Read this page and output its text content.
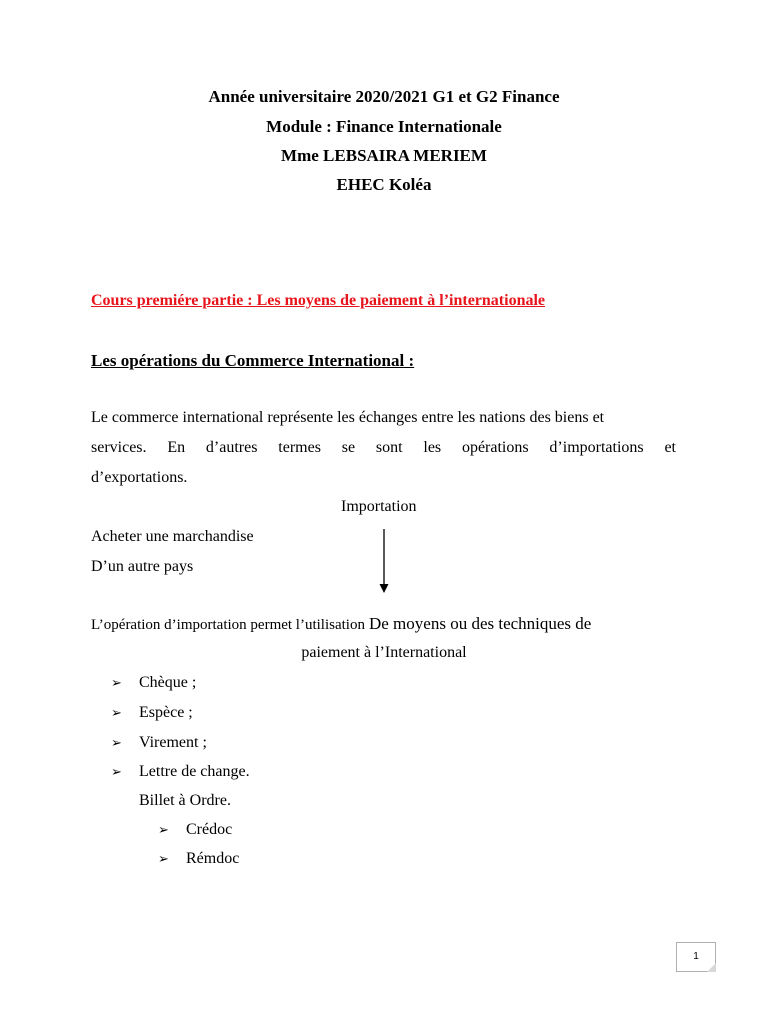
Année universitaire 2020/2021 G1 et G2 Finance
Module : Finance Internationale
Mme LEBSAIRA MERIEM
EHEC Koléa
Cours premiére partie : Les moyens de paiement à l’internationale
Les opérations du Commerce International :
Le commerce international représente les échanges entre les nations des biens et
services. En d’autres termes se sont les opérations d’importations et
d’exportations.
Importation
Acheter une marchandise
D’un autre pays
L’opération d’importation permet l’utilisation De moyens ou des techniques de
paiement à l’International
➢ Chèque ;
➢ Espèce ;
➢ Virement ;
➢ Lettre de change.
Billet à Ordre.
➢ Crédoc
➢ Rémdoc
1
